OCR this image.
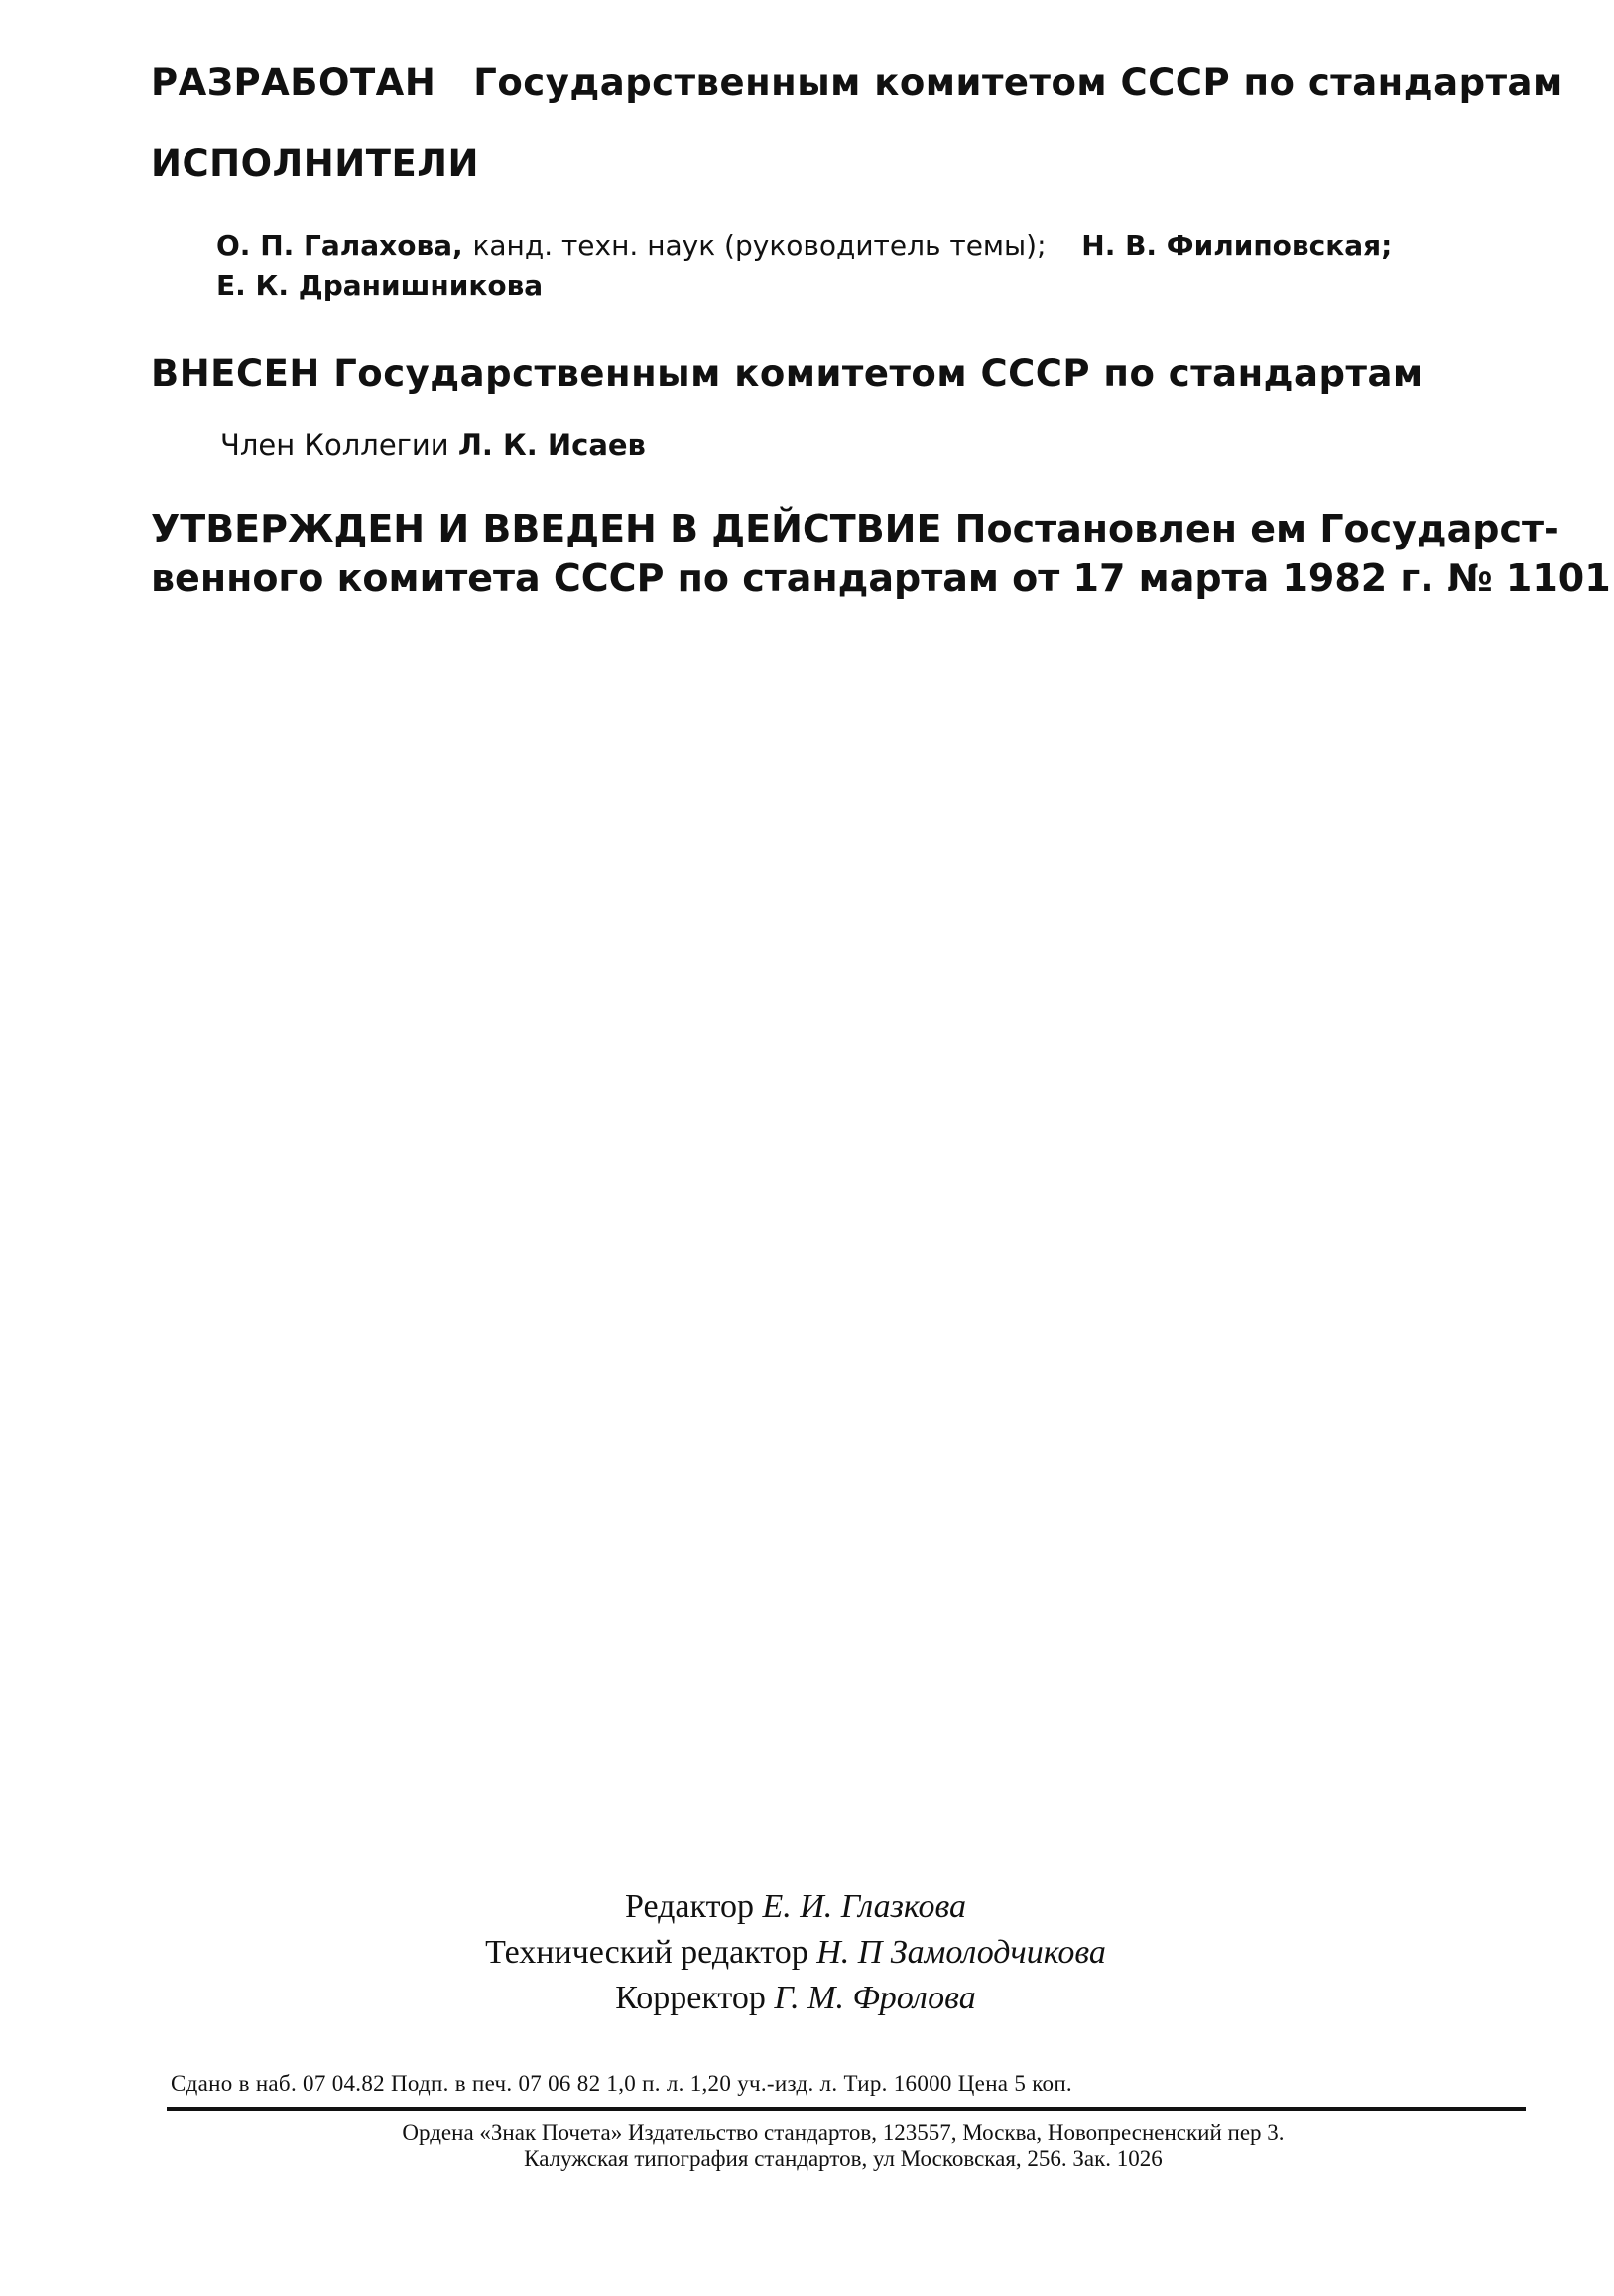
РАЗРАБОТАН Государственным комитетом СССР по стандартам
ИСПОЛНИТЕЛИ
О. П. Галахова, канд. техн. наук (руководитель темы); Н. В. Филиповская;
Е. К. Дранишникова
ВНЕСЕН Государственным комитетом СССР по стандартам
Член Коллегии Л. К. Исаев
УТВЕРЖДЕН И ВВЕДЕН В ДЕЙСТВИЕ Постановлен ем Государст-
венного комитета СССР по стандартам от 17 марта 1982 г. № 1101
Редактор Е. И. Глазкова
Технический редактор Н. П Замолодчикова
Корректор Г. М. Фролова
Сдано в наб. 07 04.82 Подп. в печ. 07 06 82 1,0 п. л. 1,20 уч.-изд. л. Тир. 16000 Цена 5 коп.
Ордена «Знак Почета» Издательство стандартов, 123557, Москва, Новопресненский пер 3.
Калужская типография стандартов, ул Московская, 256. Зак. 1026
